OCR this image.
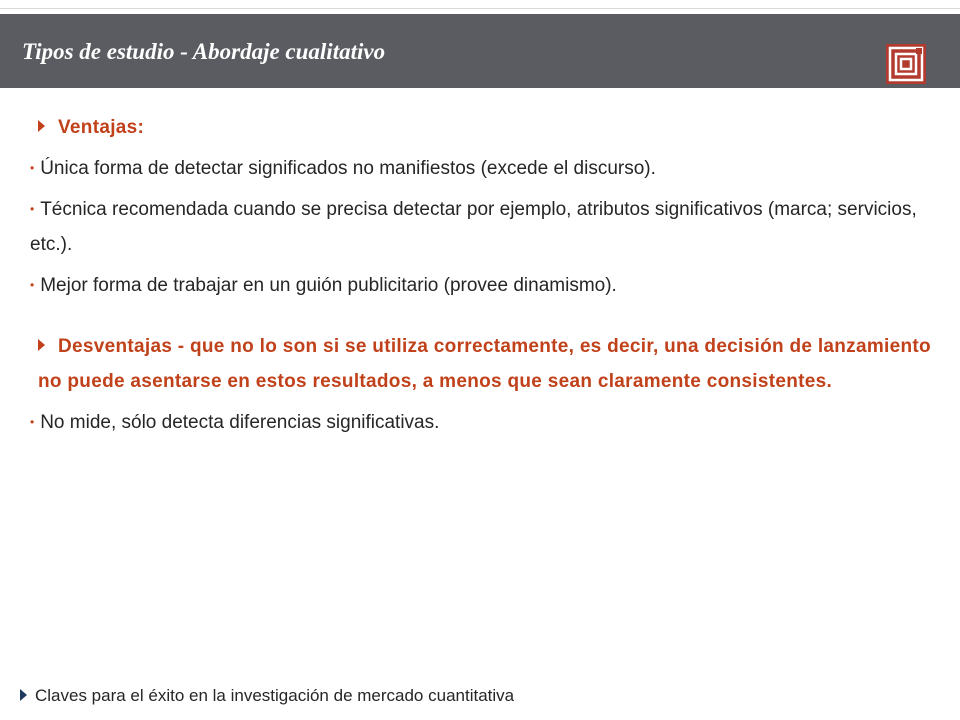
Tipos de estudio - Abordaje cualitativo
Ventajas:
• Única forma de detectar significados no manifiestos (excede el discurso).
• Técnica recomendada cuando se precisa detectar por ejemplo, atributos significativos (marca; servicios, etc.).
• Mejor forma de trabajar en un guión publicitario (provee dinamismo).
Desventajas - que no lo son si se utiliza correctamente, es decir, una decisión de lanzamiento no puede asentarse en estos resultados, a menos que sean claramente consistentes.
• No mide, sólo detecta diferencias significativas.
Claves para el éxito en la investigación de mercado cuantitativa
